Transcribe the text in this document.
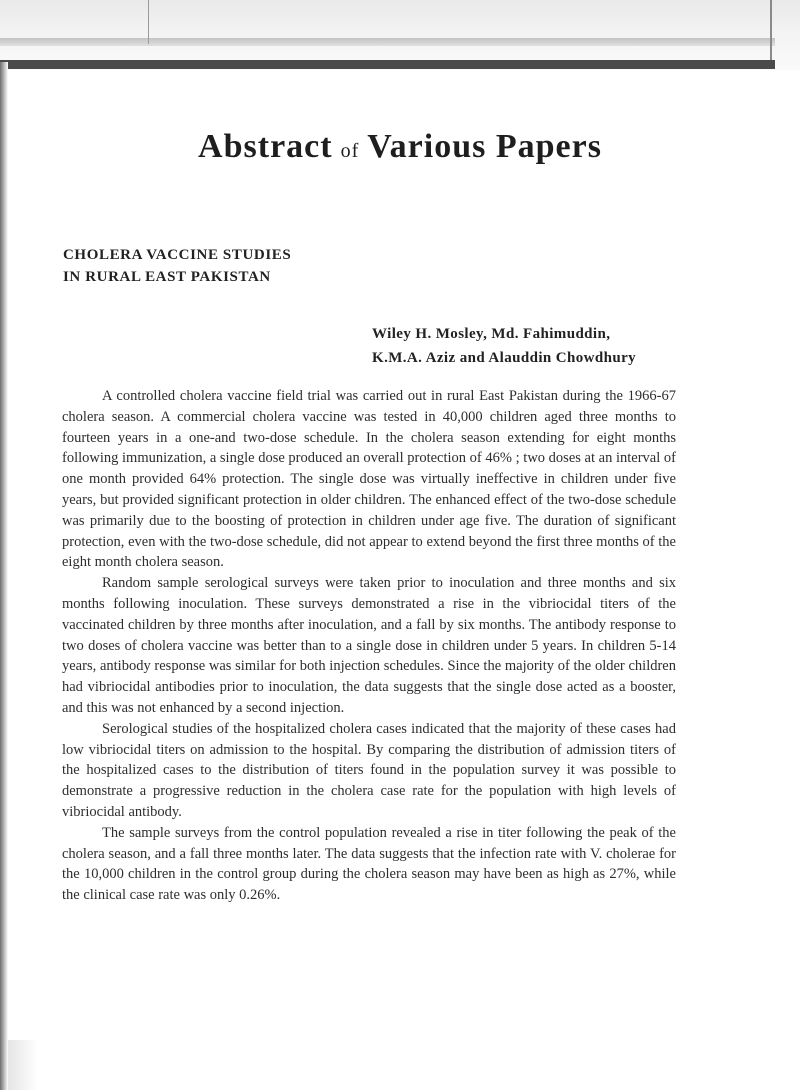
Abstract of Various Papers
CHOLERA VACCINE STUDIES
IN RURAL EAST PAKISTAN
Wiley H. Mosley, Md. Fahimuddin,
K.M.A. Aziz and Alauddin Chowdhury

A controlled cholera vaccine field trial was carried out in rural East Pakistan during the 1966-67 cholera season. A commercial cholera vaccine was tested in 40,000 children aged three months to fourteen years in a one-and two-dose schedule. In the cholera season extending for eight months following immunization, a single dose produced an overall protection of 46% ; two doses at an interval of one month provided 64% protection. The single dose was virtually ineffective in children under five years, but provided significant protection in older children. The enhanced effect of the two-dose schedule was primarily due to the boosting of protection in children under age five. The duration of significant protection, even with the two-dose schedule, did not appear to extend beyond the first three months of the eight month cholera season.

Random sample serological surveys were taken prior to inoculation and three months and six months following inoculation. These surveys demonstrated a rise in the vibriocidal titers of the vaccinated children by three months after inoculation, and a fall by six months. The antibody response to two doses of cholera vaccine was better than to a single dose in children under 5 years. In children 5-14 years, antibody response was similar for both injection schedules. Since the majority of the older children had vibriocidal antibodies prior to inoculation, the data suggests that the single dose acted as a booster, and this was not enhanced by a second injection.

Serological studies of the hospitalized cholera cases indicated that the majority of these cases had low vibriocidal titers on admission to the hospital. By comparing the distribution of admission titers of the hospitalized cases to the distribution of titers found in the population survey it was possible to demonstrate a progressive reduction in the cholera case rate for the population with high levels of vibriocidal antibody.

The sample surveys from the control population revealed a rise in titer following the peak of the cholera season, and a fall three months later. The data suggests that the infection rate with V. cholerae for the 10,000 children in the control group during the cholera season may have been as high as 27%, while the clinical case rate was only 0.26%.
